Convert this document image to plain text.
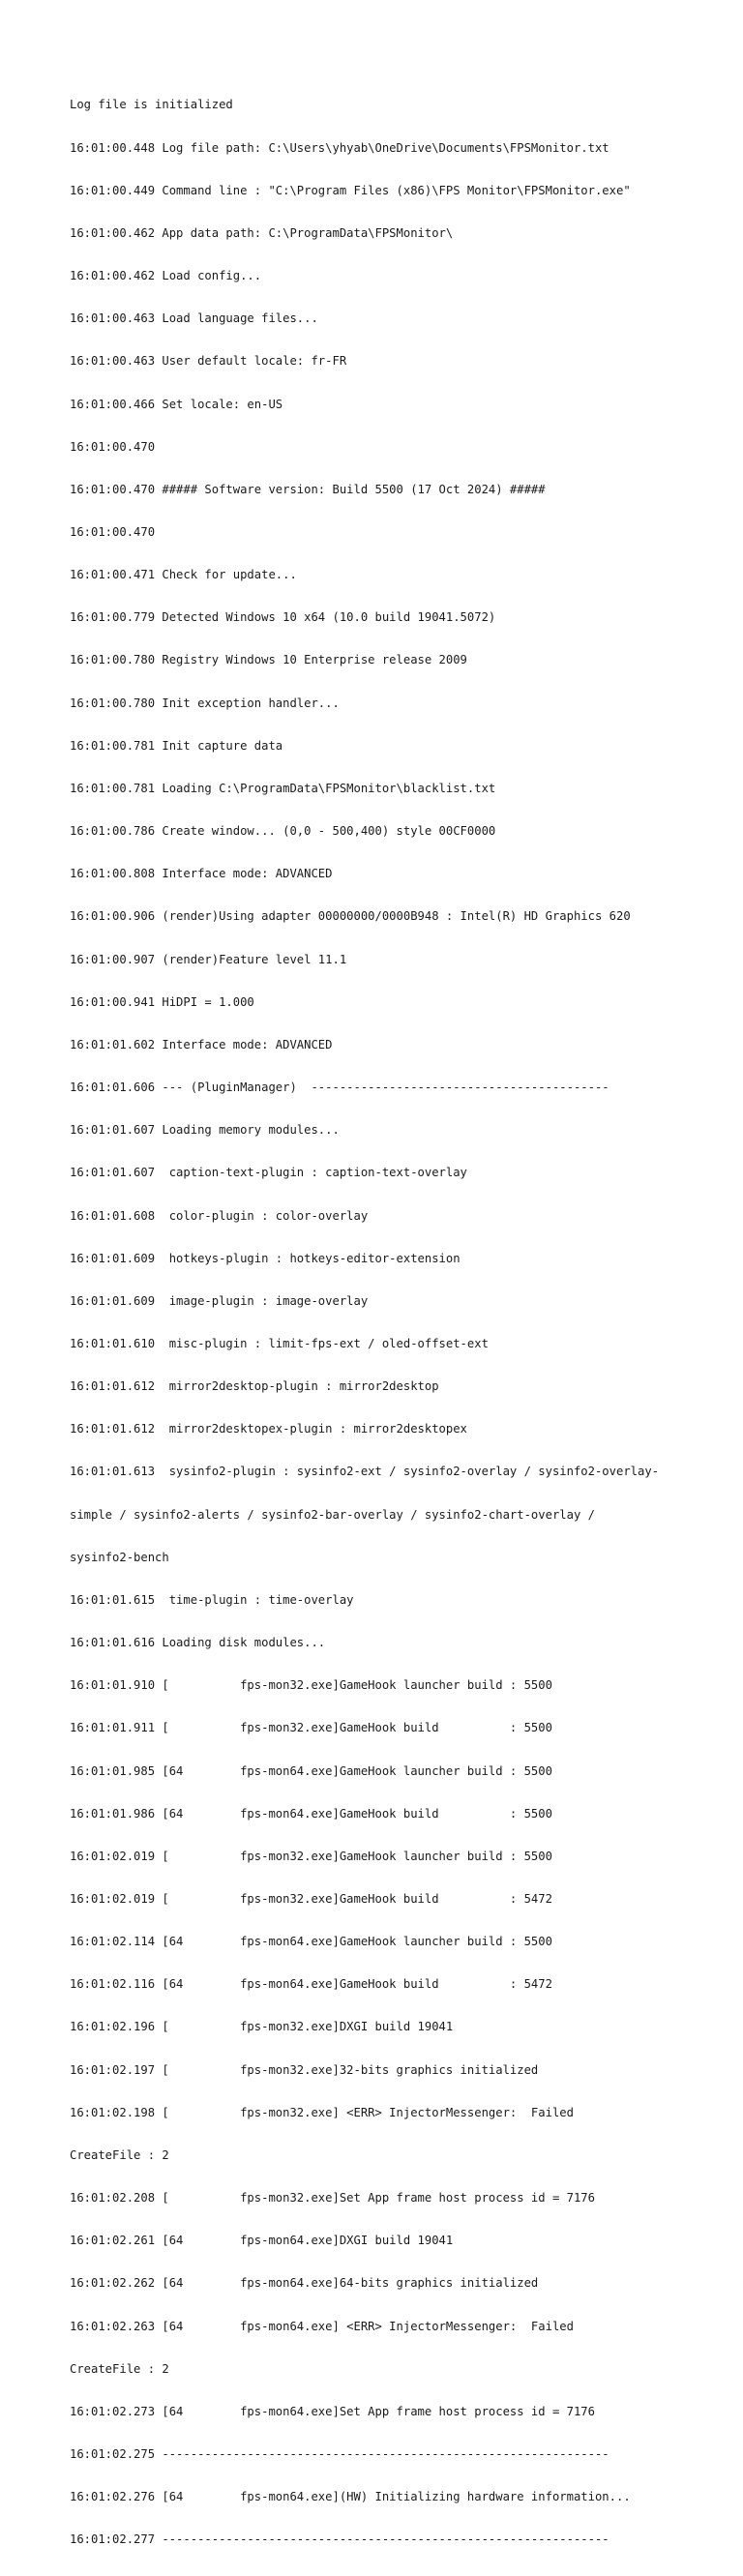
Log file is initialized

16:01:00.448 Log file path: C:\Users\yhyab\OneDrive\Documents\FPSMonitor.txt

16:01:00.449 Command line : "C:\Program Files (x86)\FPS Monitor\FPSMonitor.exe"

16:01:00.462 App data path: C:\ProgramData\FPSMonitor\

16:01:00.462 Load config...

16:01:00.463 Load language files...

16:01:00.463 User default locale: fr-FR

16:01:00.466 Set locale: en-US

16:01:00.470

16:01:00.470 ##### Software version: Build 5500 (17 Oct 2024) #####

16:01:00.470

16:01:00.471 Check for update...

16:01:00.779 Detected Windows 10 x64 (10.0 build 19041.5072)

16:01:00.780 Registry Windows 10 Enterprise release 2009

16:01:00.780 Init exception handler...

16:01:00.781 Init capture data

16:01:00.781 Loading C:\ProgramData\FPSMonitor\blacklist.txt

16:01:00.786 Create window... (0,0 - 500,400) style 00CF0000

16:01:00.808 Interface mode: ADVANCED

16:01:00.906 (render)Using adapter 00000000/0000B948 : Intel(R) HD Graphics 620

16:01:00.907 (render)Feature level 11.1

16:01:00.941 HiDPI = 1.000

16:01:01.602 Interface mode: ADVANCED

16:01:01.606 --- (PluginManager)  ------------------------------------------

16:01:01.607 Loading memory modules...

16:01:01.607  caption-text-plugin : caption-text-overlay

16:01:01.608  color-plugin : color-overlay

16:01:01.609  hotkeys-plugin : hotkeys-editor-extension

16:01:01.609  image-plugin : image-overlay

16:01:01.610  misc-plugin : limit-fps-ext / oled-offset-ext

16:01:01.612  mirror2desktop-plugin : mirror2desktop

16:01:01.612  mirror2desktopex-plugin : mirror2desktopex

16:01:01.613  sysinfo2-plugin : sysinfo2-ext / sysinfo2-overlay / sysinfo2-overlay-

simple / sysinfo2-alerts / sysinfo2-bar-overlay / sysinfo2-chart-overlay /

sysinfo2-bench

16:01:01.615  time-plugin : time-overlay

16:01:01.616 Loading disk modules...

16:01:01.910 [          fps-mon32.exe]GameHook launcher build : 5500

16:01:01.911 [          fps-mon32.exe]GameHook build          : 5500

16:01:01.985 [64        fps-mon64.exe]GameHook launcher build : 5500

16:01:01.986 [64        fps-mon64.exe]GameHook build          : 5500

16:01:02.019 [          fps-mon32.exe]GameHook launcher build : 5500

16:01:02.019 [          fps-mon32.exe]GameHook build          : 5472

16:01:02.114 [64        fps-mon64.exe]GameHook launcher build : 5500

16:01:02.116 [64        fps-mon64.exe]GameHook build          : 5472

16:01:02.196 [          fps-mon32.exe]DXGI build 19041

16:01:02.197 [          fps-mon32.exe]32-bits graphics initialized

16:01:02.198 [          fps-mon32.exe] <ERR> InjectorMessenger:  Failed

CreateFile : 2

16:01:02.208 [          fps-mon32.exe]Set App frame host process id = 7176

16:01:02.261 [64        fps-mon64.exe]DXGI build 19041

16:01:02.262 [64        fps-mon64.exe]64-bits graphics initialized

16:01:02.263 [64        fps-mon64.exe] <ERR> InjectorMessenger:  Failed

CreateFile : 2

16:01:02.273 [64        fps-mon64.exe]Set App frame host process id = 7176

16:01:02.275 ---------------------------------------------------------------

16:01:02.276 [64        fps-mon64.exe](HW) Initializing hardware information...

16:01:02.277 ---------------------------------------------------------------
